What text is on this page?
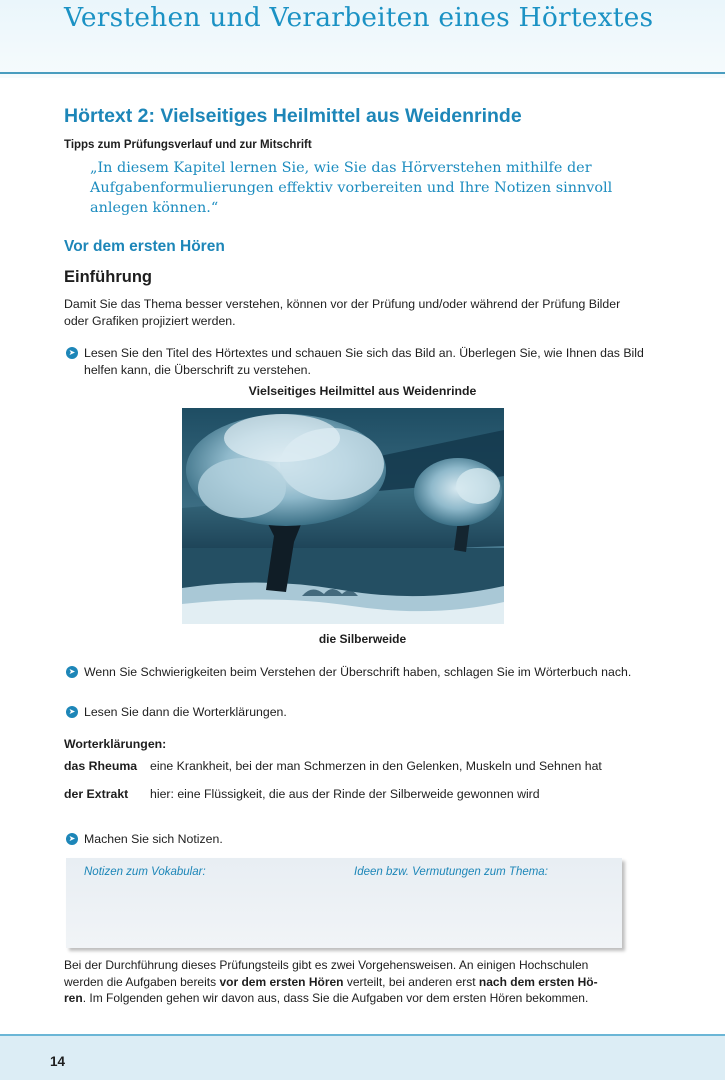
Verstehen und Verarbeiten eines Hörtextes
Hörtext 2: Vielseitiges Heilmittel aus Weidenrinde
Tipps zum Prüfungsverlauf und zur Mitschrift
„In diesem Kapitel lernen Sie, wie Sie das Hörverstehen mithilfe der Aufgabenformulierungen effektiv vorbereiten und Ihre Notizen sinnvoll anlegen können.“
Vor dem ersten Hören
Einführung
Damit Sie das Thema besser verstehen, können vor der Prüfung und/oder während der Prüfung Bilder oder Grafiken projiziert werden.
➤ Lesen Sie den Titel des Hörtextes und schauen Sie sich das Bild an. Überlegen Sie, wie Ihnen das Bild helfen kann, die Überschrift zu verstehen.
Vielseitiges Heilmittel aus Weidenrinde
die Silberweide
➤ Wenn Sie Schwierigkeiten beim Verstehen der Überschrift haben, schlagen Sie im Wörterbuch nach.
➤ Lesen Sie dann die Worterklärungen.
Worterklärungen:
das Rheuma eine Krankheit, bei der man Schmerzen in den Gelenken, Muskeln und Sehnen hat
der Extrakt hier: eine Flüssigkeit, die aus der Rinde der Silberweide gewonnen wird
➤ Machen Sie sich Notizen.
Notizen zum Vokabular:	Ideen bzw. Vermutungen zum Thema:
Bei der Durchführung dieses Prüfungsteils gibt es zwei Vorgehensweisen. An einigen Hochschulen werden die Aufgaben bereits vor dem ersten Hören verteilt, bei anderen erst nach dem ersten Hö-ren. Im Folgenden gehen wir davon aus, dass Sie die Aufgaben vor dem ersten Hören bekommen.
14
